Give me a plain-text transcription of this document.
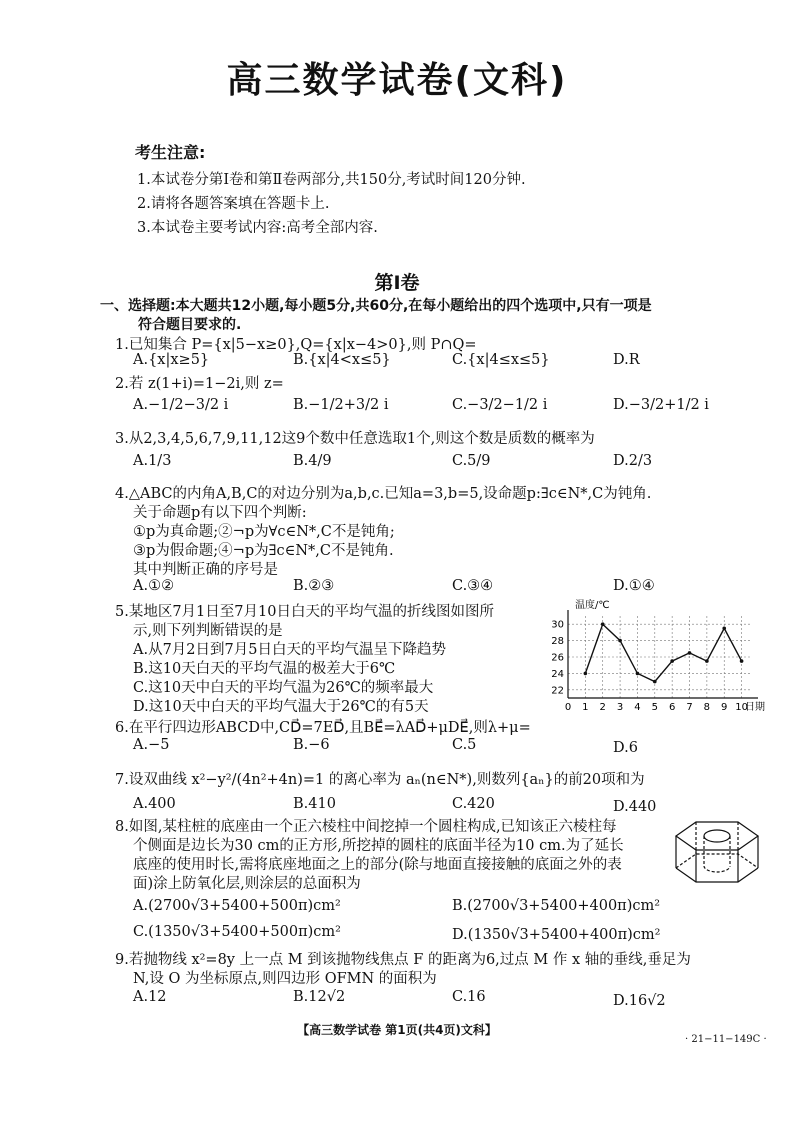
高三数学试卷(文科)
考生注意:
1.本试卷分第Ⅰ卷和第Ⅱ卷两部分,共150分,考试时间120分钟.
2.请将各题答案填在答题卡上.
3.本试卷主要考试内容:高考全部内容.
第Ⅰ卷
一、选择题:本大题共12小题,每小题5分,共60分,在每小题给出的四个选项中,只有一项是
符合题目要求的.
1.已知集合 P={x|5−x≥0},Q={x|x−4>0},则 P∩Q=
A.{x|x≥5}	B.{x|4<x≤5}	C.{x|4≤x≤5}	D.R
2.若 z(1+i)=1−2i,则 z=
A.−1/2−3/2 i	B.−1/2+3/2 i	C.−3/2−1/2 i	D.−3/2+1/2 i
3.从2,3,4,5,6,7,9,11,12这9个数中任意选取1个,则这个数是质数的概率为
A.1/3	B.4/9	C.5/9	D.2/3
4.△ABC的内角A,B,C的对边分别为a,b,c.已知a=3,b=5,设命题p:∃c∈N*,C为钝角.
关于命题p有以下四个判断:
①p为真命题;②¬p为∀c∈N*,C不是钝角;
③p为假命题;④¬p为∃c∈N*,C不是钝角.
其中判断正确的序号是
A.①②	B.②③	C.③④	D.①④
5.某地区7月1日至7月10日白天的平均气温的折线图如图所
示,则下列判断错误的是
A.从7月2日到7月5日白天的平均气温呈下降趋势
B.这10天白天的平均气温的极差大于6℃
C.这10天中白天的平均气温为26℃的频率最大
D.这10天中白天的平均气温大于26℃的有5天
温度/℃
日期
22
24
26
28
30
0 1 2 3 4 5 6 7 8 9 10
6.在平行四边形ABCD中,CD⃗=7ED⃗,且BE⃗=λAD⃗+μDE⃗,则λ+μ=
A.−5	B.−6	C.5	D.6
7.设双曲线 x²−y²/(4n²+4n)=1 的离心率为 aₙ(n∈N*),则数列{aₙ}的前20项和为
A.400	B.410	C.420	D.440
8.如图,某柱桩的底座由一个正六棱柱中间挖掉一个圆柱构成,已知该正六棱柱每
个侧面是边长为30 cm的正方形,所挖掉的圆柱的底面半径为10 cm.为了延长
底座的使用时长,需将底座地面之上的部分(除与地面直接接触的底面之外的表
面)涂上防氧化层,则涂层的总面积为
A.(2700√3+5400+500π)cm²	B.(2700√3+5400+400π)cm²
C.(1350√3+5400+500π)cm²	D.(1350√3+5400+400π)cm²
9.若抛物线 x²=8y 上一点 M 到该抛物线焦点 F 的距离为6,过点 M 作 x 轴的垂线,垂足为
N,设 O 为坐标原点,则四边形 OFMN 的面积为
A.12	B.12√2	C.16	D.16√2
【高三数学试卷 第1页(共4页)文科】
· 21−11−149C ·
